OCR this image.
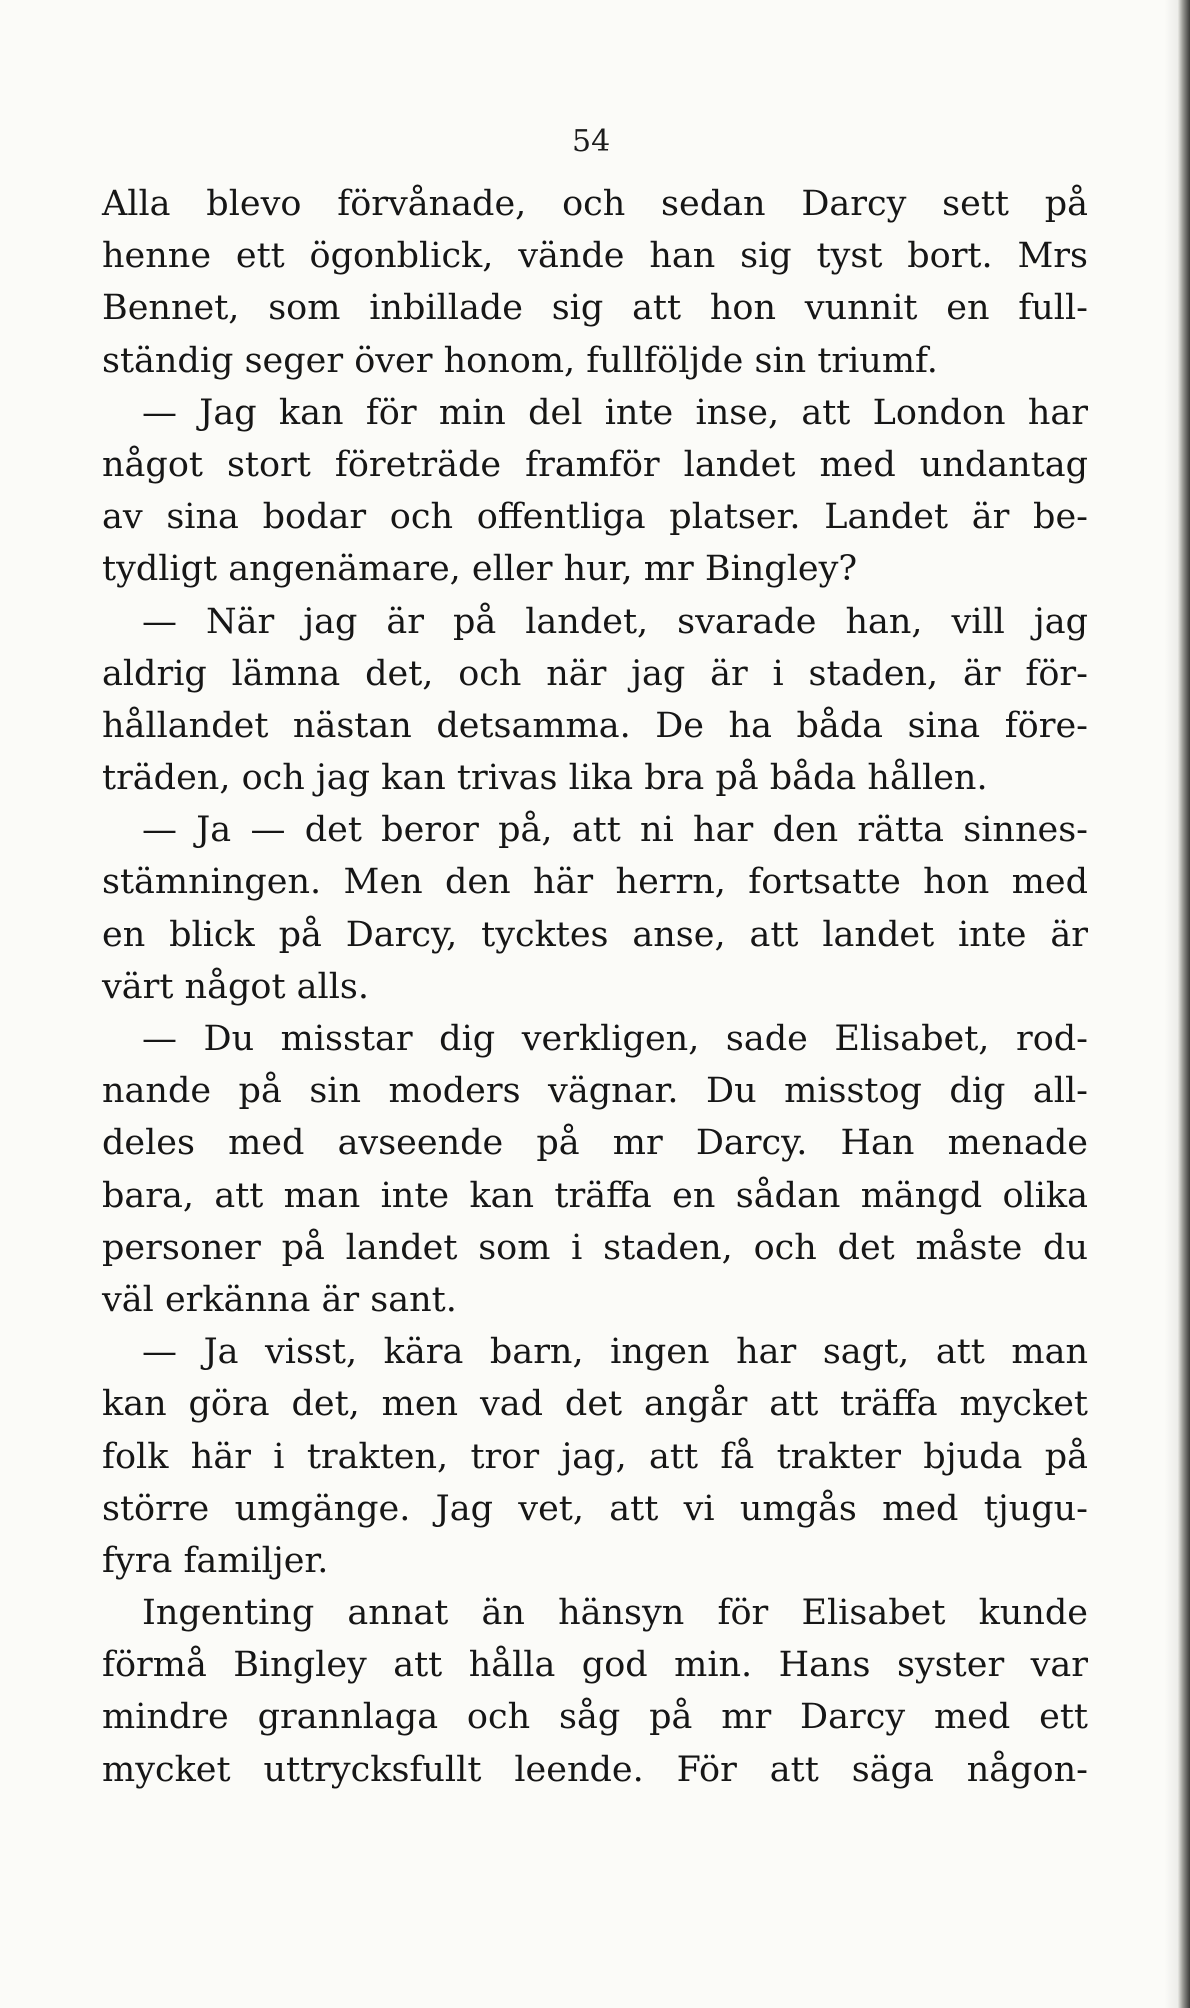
54

Alla blevo förvånade, och sedan Darcy sett på
henne ett ögonblick, vände han sig tyst bort. Mrs
Bennet, som inbillade sig att hon vunnit en full-
ständig seger över honom, fullföljde sin triumf.
— Jag kan för min del inte inse, att London har
något stort företräde framför landet med undantag
av sina bodar och offentliga platser. Landet är be-
tydligt angenämare, eller hur, mr Bingley?
— När jag är på landet, svarade han, vill jag
aldrig lämna det, och när jag är i staden, är för-
hållandet nästan detsamma. De ha båda sina före-
träden, och jag kan trivas lika bra på båda hållen.
— Ja — det beror på, att ni har den rätta sinnes-
stämningen. Men den här herrn, fortsatte hon med
en blick på Darcy, tycktes anse, att landet inte är
värt något alls.
— Du misstar dig verkligen, sade Elisabet, rod-
nande på sin moders vägnar. Du misstog dig all-
deles med avseende på mr Darcy. Han menade
bara, att man inte kan träffa en sådan mängd olika
personer på landet som i staden, och det måste du
väl erkänna är sant.
— Ja visst, kära barn, ingen har sagt, att man
kan göra det, men vad det angår att träffa mycket
folk här i trakten, tror jag, att få trakter bjuda på
större umgänge. Jag vet, att vi umgås med tjugu-
fyra familjer.
Ingenting annat än hänsyn för Elisabet kunde
förmå Bingley att hålla god min. Hans syster var
mindre grannlaga och såg på mr Darcy med ett
mycket uttrycksfullt leende. För att säga någon-
